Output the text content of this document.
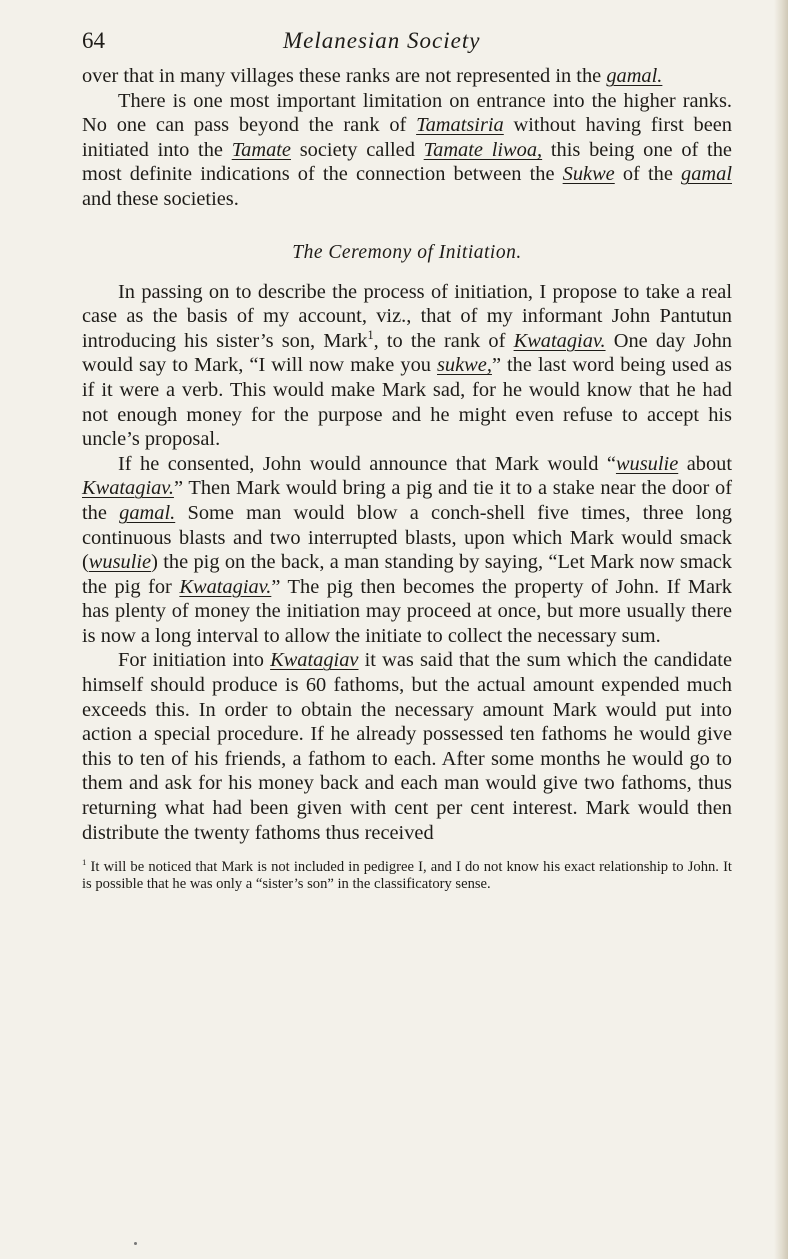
64	Melanesian Society

over that in many villages these ranks are not represented in the gamal.

There is one most important limitation on entrance into the higher ranks. No one can pass beyond the rank of Tamatsiria without having first been initiated into the Tamate society called Tamate liwoa, this being one of the most definite indications of the connection between the Sukwe of the gamal and these societies.

The Ceremony of Initiation.

In passing on to describe the process of initiation, I propose to take a real case as the basis of my account, viz., that of my informant John Pantutun introducing his sister’s son, Mark$^1$, to the rank of Kwatagiav. One day John would say to Mark, “I will now make you sukwe,” the last word being used as if it were a verb. This would make Mark sad, for he would know that he had not enough money for the purpose and he might even refuse to accept his uncle’s proposal.

If he consented, John would announce that Mark would “wusulie about Kwatagiav.” Then Mark would bring a pig and tie it to a stake near the door of the gamal. Some man would blow a conch-shell five times, three long continuous blasts and two interrupted blasts, upon which Mark would smack (wusulie) the pig on the back, a man standing by saying, “Let Mark now smack the pig for Kwatagiav.” The pig then becomes the property of John. If Mark has plenty of money the initiation may proceed at once, but more usually there is now a long interval to allow the initiate to collect the necessary sum.

For initiation into Kwatagiav it was said that the sum which the candidate himself should produce is 60 fathoms, but the actual amount expended much exceeds this. In order to obtain the necessary amount Mark would put into action a special procedure. If he already possessed ten fathoms he would give this to ten of his friends, a fathom to each. After some months he would go to them and ask for his money back and each man would give two fathoms, thus returning what had been given with cent per cent interest. Mark would then distribute the twenty fathoms thus received

$^1$ It will be noticed that Mark is not included in pedigree I, and I do not know his exact relationship to John. It is possible that he was only a “sister’s son” in the classificatory sense.
